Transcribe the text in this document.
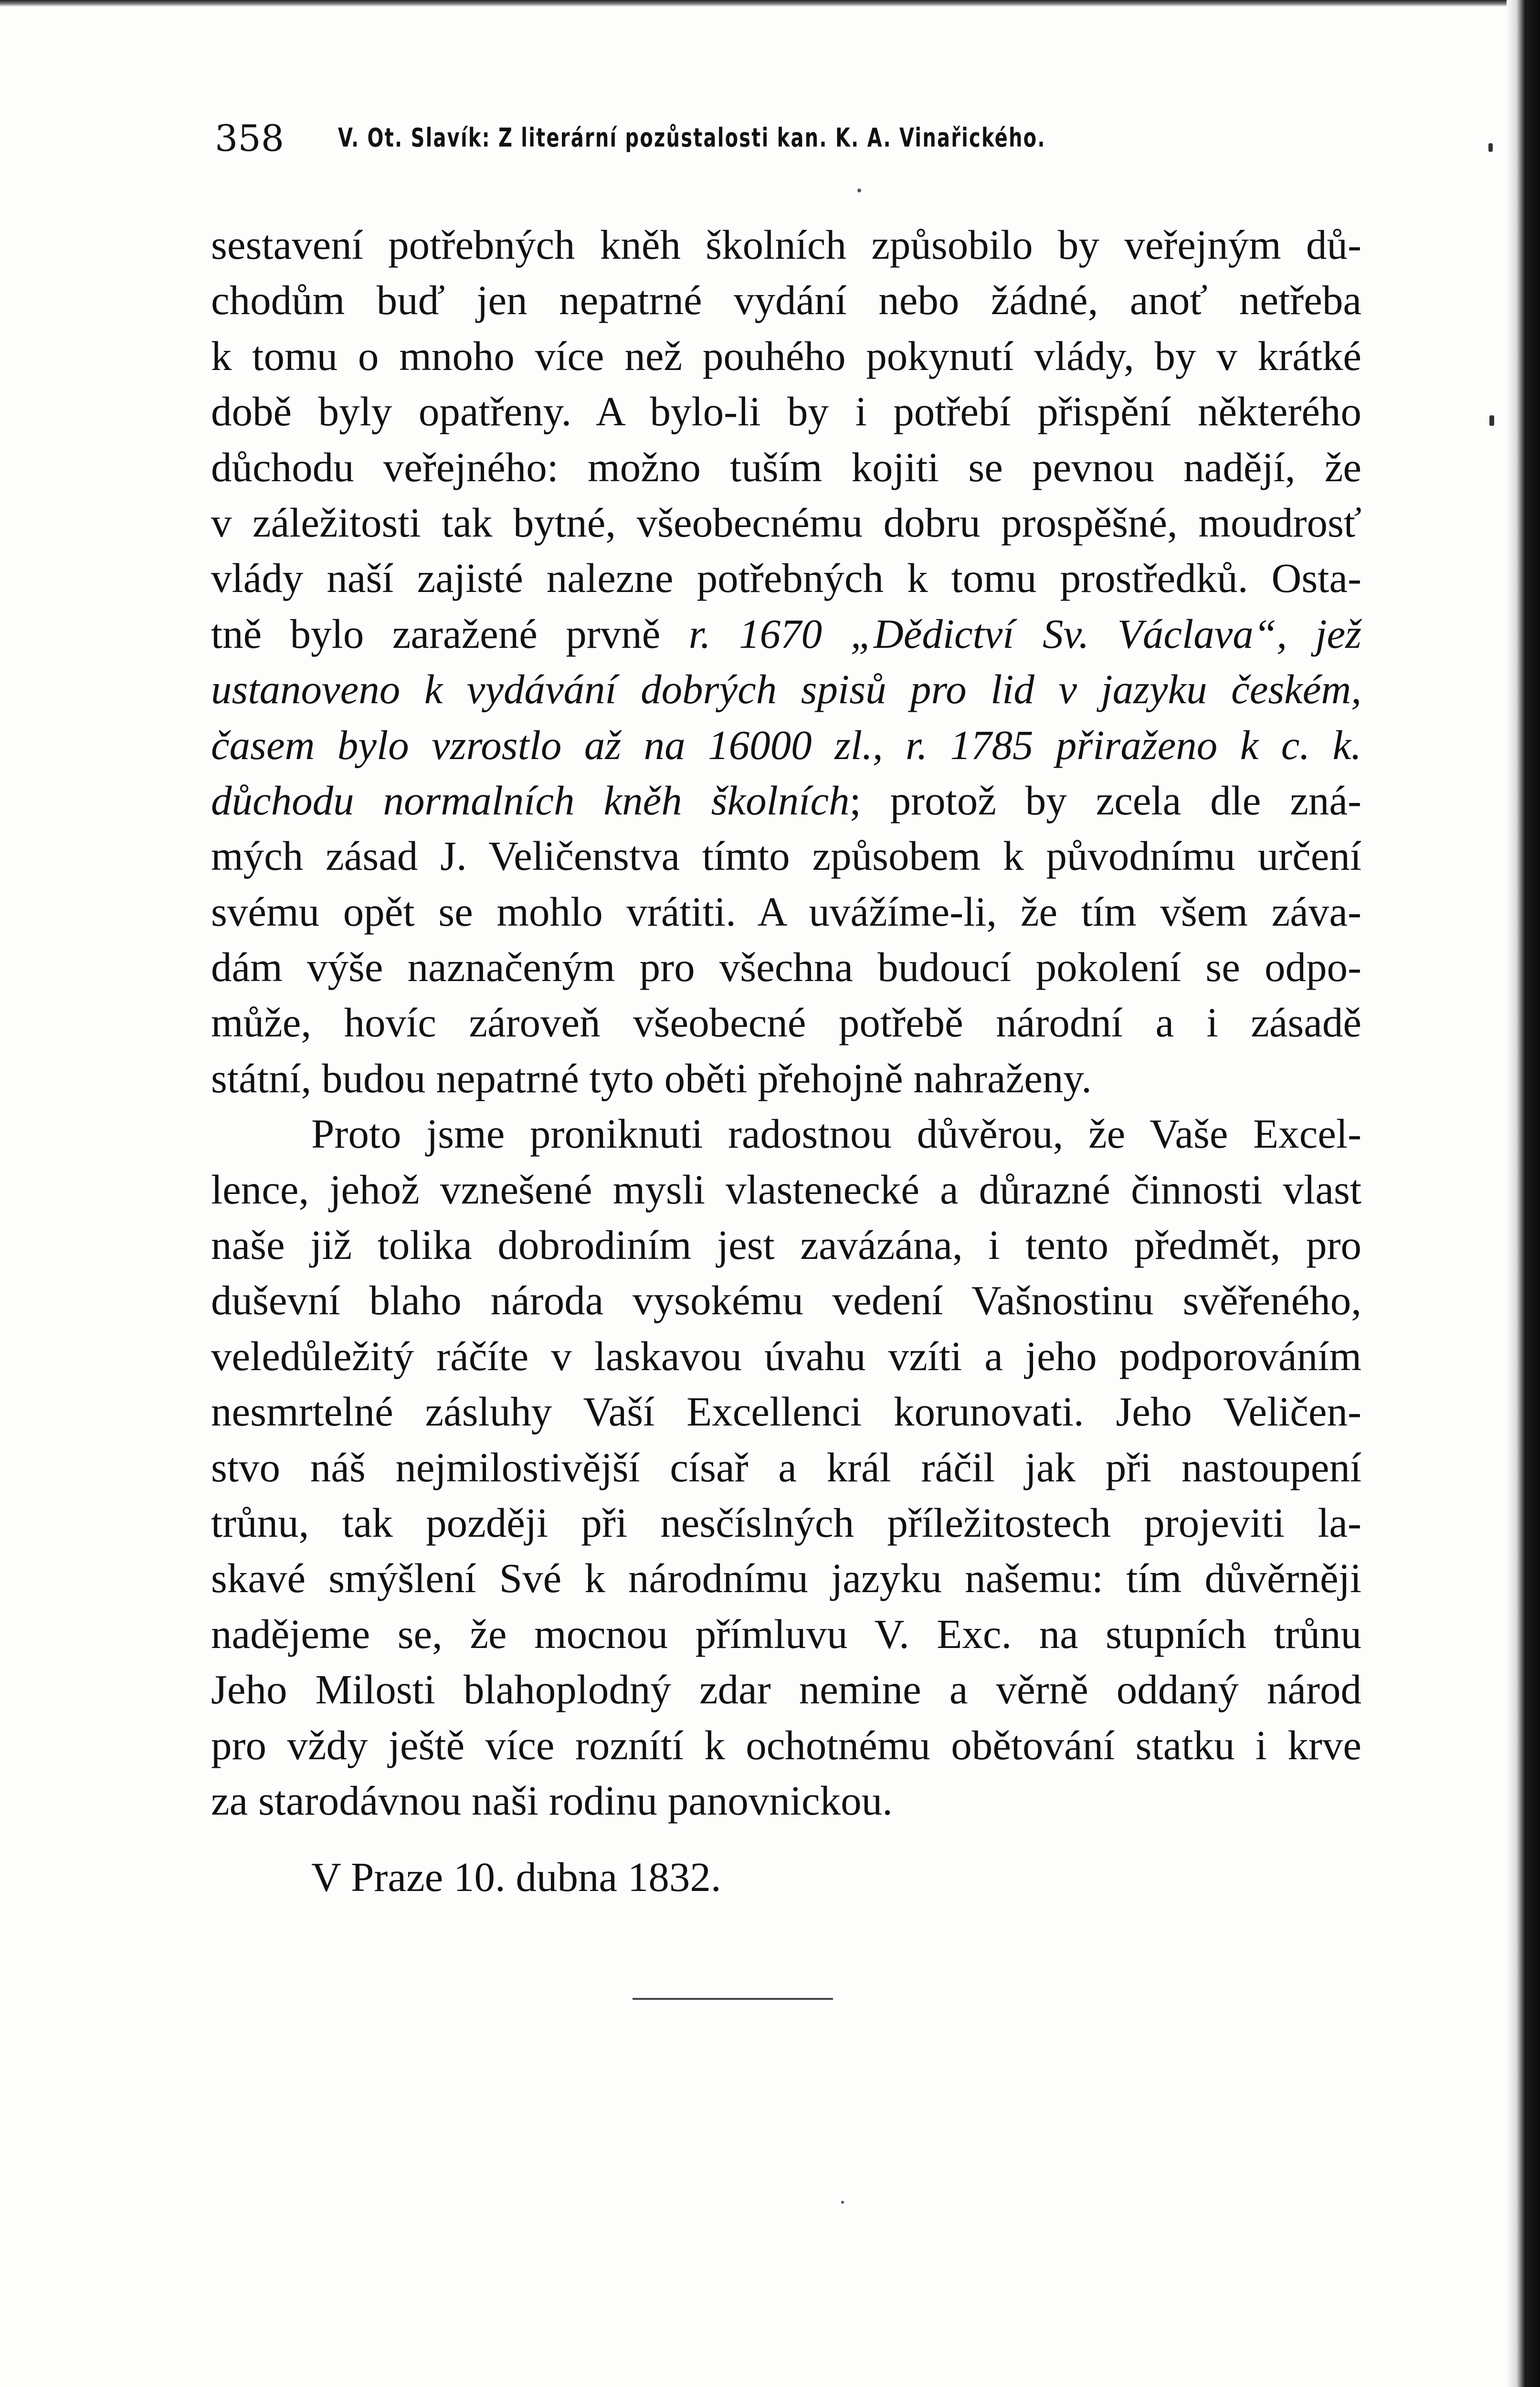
358 V. Ot. Slavík: Z literární pozůstalosti kan. K. A. Vinařického.
sestavení potřebných kněh školních způsobilo by veřejným dů-
chodům buď jen nepatrné vydání nebo žádné, anoť netřeba
k tomu o mnoho více než pouhého pokynutí vlády, by v krátké
době byly opatřeny. A bylo-li by i potřebí přispění některého
důchodu veřejného: možno tuším kojiti se pevnou nadějí, že
v záležitosti tak bytné, všeobecnému dobru prospěšné, moudrosť
vlády naší zajisté nalezne potřebných k tomu prostředků. Osta-
tně bylo zaražené prvně r. 1670 „Dědictví Sv. Václava“, jež
ustanoveno k vydávání dobrých spisů pro lid v jazyku českém,
časem bylo vzrostlo až na 16000 zl., r. 1785 přiraženo k c. k.
důchodu normalních kněh školních; protož by zcela dle zná-
mých zásad J. Veličenstva tímto způsobem k původnímu určení
svému opět se mohlo vrátiti. A uvážíme-li, že tím všem záva-
dám výše naznačeným pro všechna budoucí pokolení se odpo-
může, hovíc zároveň všeobecné potřebě národní a i zásadě
státní, budou nepatrné tyto oběti přehojně nahraženy.
Proto jsme proniknuti radostnou důvěrou, že Vaše Excel-
lence, jehož vznešené mysli vlastenecké a důrazné činnosti vlast
naše již tolika dobrodiním jest zavázána, i tento předmět, pro
duševní blaho národa vysokému vedení Vašnostinu svěřeného,
veledůležitý ráčíte v laskavou úvahu vzíti a jeho podporováním
nesmrtelné zásluhy Vaší Excellenci korunovati. Jeho Veličen-
stvo náš nejmilostivější císař a král ráčil jak při nastoupení
trůnu, tak později při nesčíslných příležitostech projeviti la-
skavé smýšlení Své k národnímu jazyku našemu: tím důvěrněji
nadějeme se, že mocnou přímluvu V. Exc. na stupních trůnu
Jeho Milosti blahoplodný zdar nemine a věrně oddaný národ
pro vždy ještě více roznítí k ochotnému obětování statku i krve
za starodávnou naši rodinu panovnickou.
V Praze 10. dubna 1832.
